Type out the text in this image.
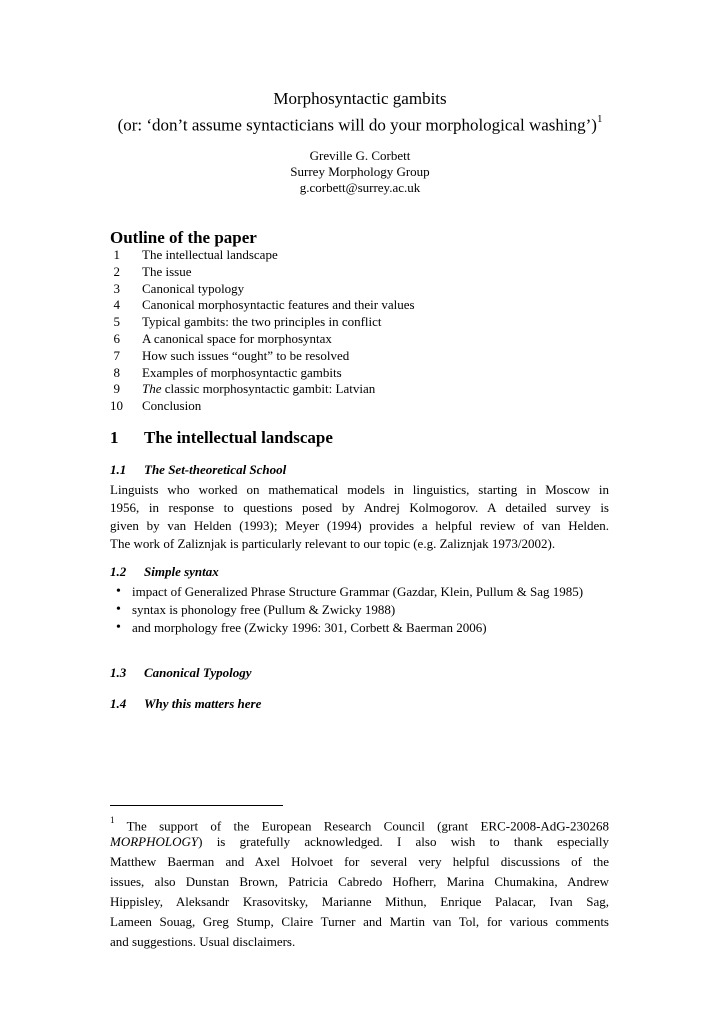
Morphosyntactic gambits
(or: ‘don’t assume syntacticians will do your morphological washing’)$^1$
Greville G. Corbett
Surrey Morphology Group
g.corbett@surrey.ac.uk
Outline of the paper
1 The intellectual landscape
2 The issue
3 Canonical typology
4 Canonical morphosyntactic features and their values
5 Typical gambits: the two principles in conflict
6 A canonical space for morphosyntax
7 How such issues “ought” to be resolved
8 Examples of morphosyntactic gambits
9 The classic morphosyntactic gambit: Latvian
10 Conclusion
1 The intellectual landscape
1.1 The Set-theoretical School
Linguists who worked on mathematical models in linguistics, starting in Moscow in
1956, in response to questions posed by Andrej Kolmogorov. A detailed survey is
given by van Helden (1993); Meyer (1994) provides a helpful review of van Helden.
The work of Zaliznjak is particularly relevant to our topic (e.g. Zaliznjak 1973/2002).
1.2 Simple syntax
• impact of Generalized Phrase Structure Grammar (Gazdar, Klein, Pullum & Sag 1985)
• syntax is phonology free (Pullum & Zwicky 1988)
• and morphology free (Zwicky 1996: 301, Corbett & Baerman 2006)
1.3 Canonical Typology
1.4 Why this matters here
$^1$ The support of the European Research Council (grant ERC-2008-AdG-230268
MORPHOLOGY) is gratefully acknowledged. I also wish to thank especially
Matthew Baerman and Axel Holvoet for several very helpful discussions of the
issues, also Dunstan Brown, Patricia Cabredo Hofherr, Marina Chumakina, Andrew
Hippisley, Aleksandr Krasovitsky, Marianne Mithun, Enrique Palacar, Ivan Sag,
Lameen Souag, Greg Stump, Claire Turner and Martin van Tol, for various comments
and suggestions. Usual disclaimers.
